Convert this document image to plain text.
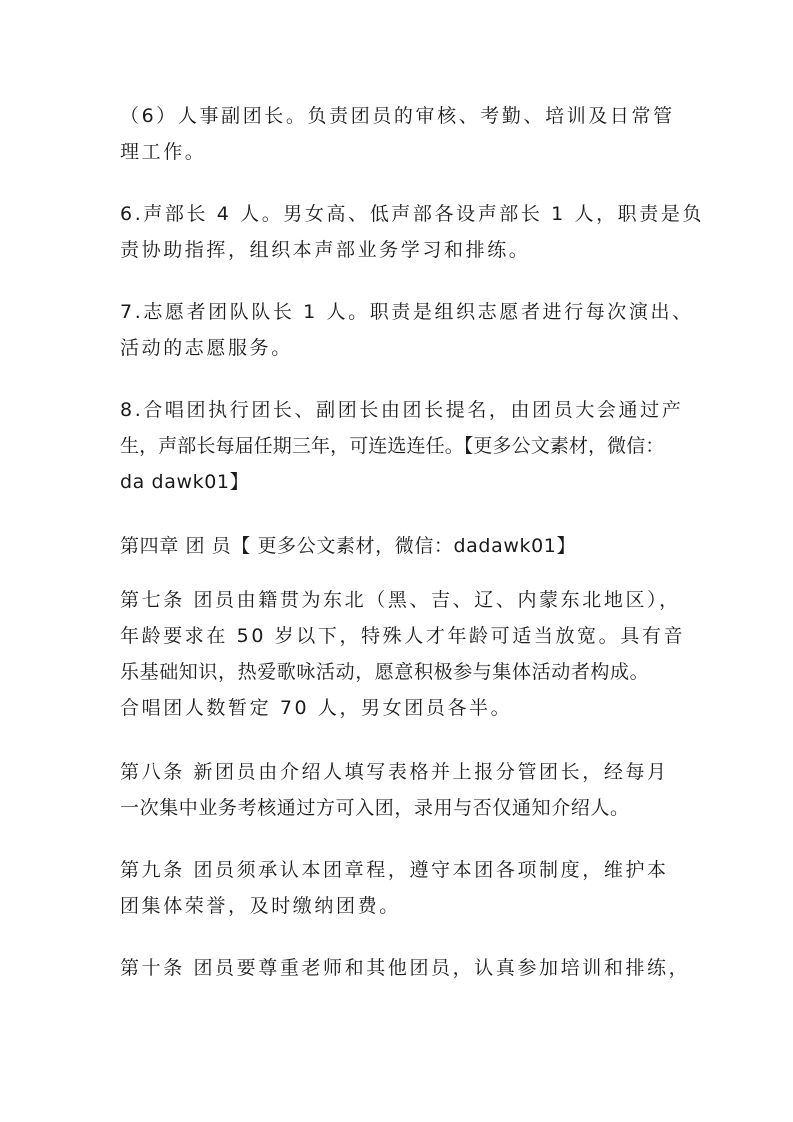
（6）人事副团长。负责团员的审核、考勤、培训及日常管
理工作。

6.声部长 4 人。男女高、低声部各设声部长 1 人，职责是负
责协助指挥，组织本声部业务学习和排练。

7.志愿者团队队长 1 人。职责是组织志愿者进行每次演出、
活动的志愿服务。

8.合唱团执行团长、副团长由团长提名，由团员大会通过产
生，声部长每届任期三年，可连选连任。【更多公文素材，微信：
da dawk01】

第四章 团 员【 更多公文素材，微信：dadawk01】

第七条 团员由籍贯为东北（黑、吉、辽、内蒙东北地区），
年龄要求在 50 岁以下，特殊人才年龄可适当放宽。具有音
乐基础知识，热爱歌咏活动，愿意积极参与集体活动者构成。
合唱团人数暂定 70 人，男女团员各半。

第八条 新团员由介绍人填写表格并上报分管团长，经每月
一次集中业务考核通过方可入团，录用与否仅通知介绍人。

第九条 团员须承认本团章程，遵守本团各项制度，维护本
团集体荣誉，及时缴纳团费。

第十条 团员要尊重老师和其他团员，认真参加培训和排练，
